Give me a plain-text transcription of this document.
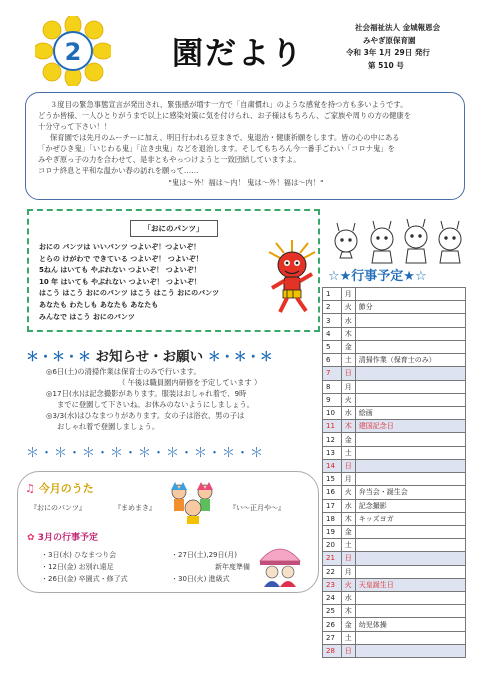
2	園だより
社会福祉法人 金城報恩会
みやぎ原保育園
令和 3年 1月 29日 発行
第 510 号

３度目の緊急事態宣言が発出され、緊張感が増す一方で「自粛慣れ」のような感覚を持つ方も多いようです。

どうか皆様、一人ひとりがうまで以上に感染対策に気を付けられ、お子様はもちろん、ご家族や周りの方の健康を

十分守って下さい！！

保育園では先月のムーチーに加え、明日行われる豆まきで、鬼退治・健康祈願をします。皆の心の中にある

「かぜひき鬼」「いじわる鬼」「泣き虫鬼」などを退治します。そしてもちろん今一番手ごわい「コロナ鬼」を

みやぎ原っ子の力を合わせて、是非ともやっつけようと一致団結していますよ。

コロナ終息と平和な温かい春の訪れを願って……

"鬼は～外！福は～内！ 鬼は～外！福は～内！"

「おにのパンツ」
おにの パンツは いいパンツ つよいぞ！つよいぞ！
とらの けがわで できている つよいぞ！ つよいぞ！
5ねん はいても やぶれない つよいぞ！ つよいぞ！
10 年 はいても やぶれない つよいぞ！ つよいぞ！
はこう はこう おにのパンツ はこう はこう おにのパンツ
あなたも わたしも あなたも あなたも
みんなで はこう おにのパンツ
＊・＊・＊ お知らせ・お願い ＊・＊・＊
◎6日(土)の清掃作業は保育士のみで行います。
（ 午後は職員園内研修を予定しています ）
◎17日(水)は記念撮影があります。服装はおしゃれ着で、9時
までに登園して下さいね。お休みのないようにしましょう。
◎3/3(水)はひなまつりがあります。女の子は浴衣、男の子は
おしゃれ着で登園しましょう。
＊・＊・＊・＊・＊・＊・＊・＊・＊
♫ 今月のうた
『おにのパンツ』	『まめまき』	『い～正月や～』
✿ 3月の行事予定
・3日(水) ひなまつり会	・27日(土),29日(月)
・12日(金) お別れ遠足	新年度準備
・26日(金) 卒園式・修了式	・30日(火) 進級式
☆★行事予定★☆
1	月	
2	火	節分
3	水	
4	木	
5	金	
6	土	清掃作業（保育士のみ）
7	日	
8	月	
9	火	
10	水	絵画
11	木	建国記念日
12	金	
13	土	
14	日	
15	月	
16	火	弁当会・誕生会
17	水	記念撮影
18	木	キッズヨガ
19	金	
20	土	
21	日	
22	月	
23	火	天皇誕生日
24	水	
25	木	
26	金	幼児体操
27	土	
28	日	
